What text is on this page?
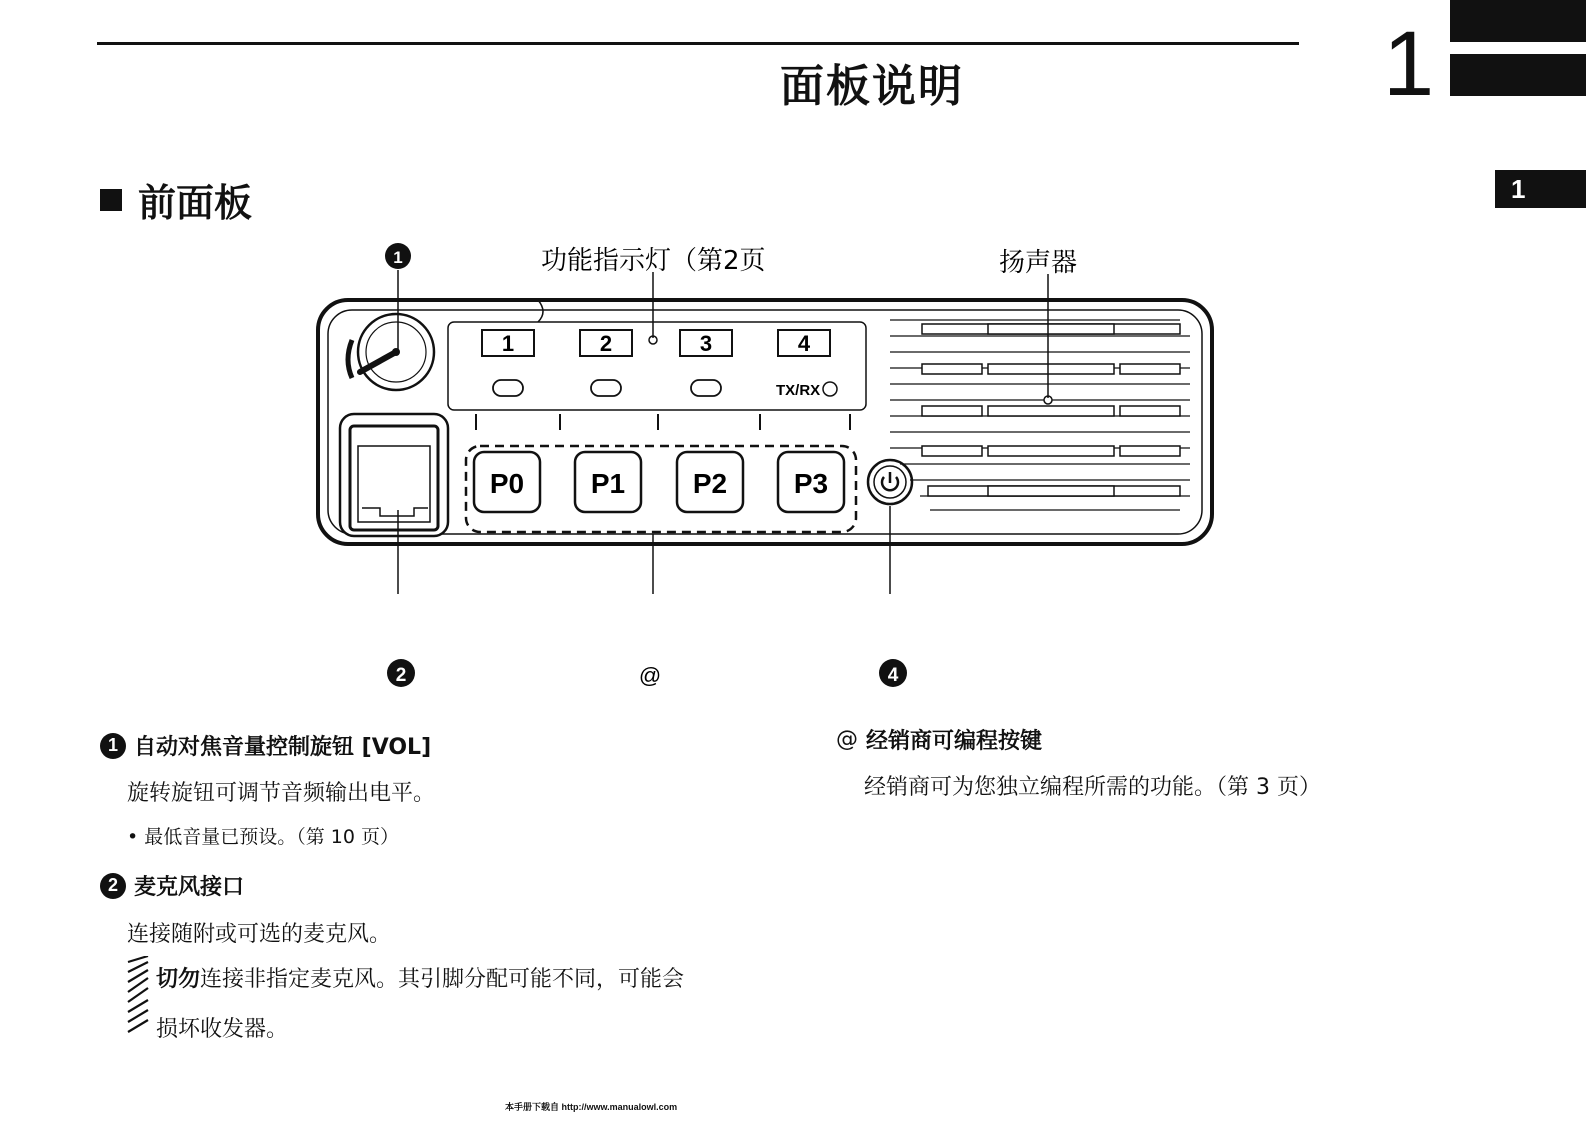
面板说明	1
1
前面板
1	2	3	4
TX/RX
P0 P1 P2 P3
1	功能指示灯（第2页	扬声器
2	@	4
1 自动对焦音量控制旋钮 [VOL]
旋转旋钮可调节音频输出电平。
• 最低音量已预设。（第 10 页）
2 麦克风接口
连接随附或可选的麦克风。
切勿连接非指定麦克风。其引脚分配可能不同，可能会
损坏收发器。
@ 经销商可编程按键
经销商可为您独立编程所需的功能。（第 3 页）
本手册下载自 http://www.manualowl.com
